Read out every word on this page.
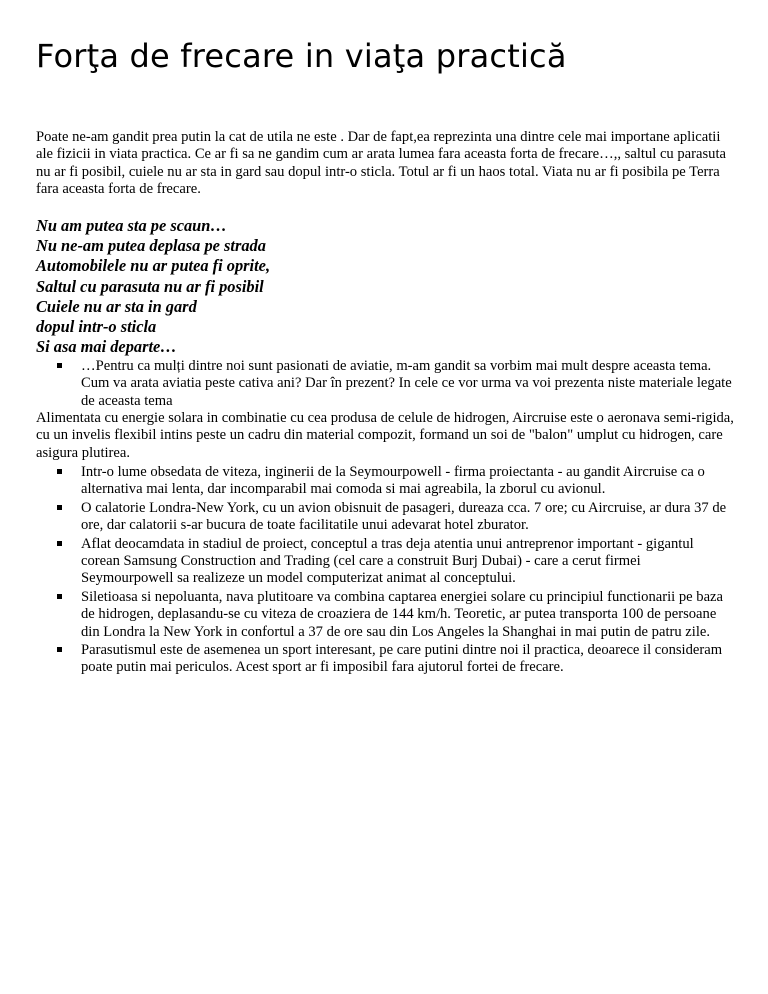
Forţa de frecare in viaţa practică

Poate ne-am gandit prea putin la cat de utila ne este . Dar de fapt,ea reprezinta una dintre cele mai importane aplicatii ale fizicii in viata practica. Ce ar fi sa ne gandim cum ar arata lumea fara aceasta forta de frecare…,, saltul cu parasuta nu ar fi posibil, cuiele nu ar sta in gard sau dopul intr-o sticla. Totul ar fi un haos total. Viata nu ar fi posibila pe Terra fara aceasta forta de frecare.

Nu am putea sta pe scaun…
Nu ne-am putea deplasa pe strada
Automobilele nu ar putea fi oprite,
Saltul cu parasuta nu ar fi posibil
Cuiele nu ar sta in gard
dopul intr-o sticla
Si asa mai departe…
…Pentru ca mulți dintre noi sunt pasionati de aviatie, m-am gandit sa vorbim mai mult despre aceasta tema. Cum va arata aviatia peste cativa ani? Dar în prezent? In cele ce vor urma va voi prezenta niste materiale legate de aceasta tema

Alimentata cu energie solara in combinatie cu cea produsa de celule de hidrogen, Aircruise este o aeronava semi-rigida, cu un invelis flexibil intins peste un cadru din material compozit, formand un soi de "balon" umplut cu hidrogen, care asigura plutirea.

Intr-o lume obsedata de viteza, inginerii de la Seymourpowell - firma proiectanta - au gandit Aircruise ca o alternativa mai lenta, dar incomparabil mai comoda si mai agreabila, la zborul cu avionul.
O calatorie Londra-New York, cu un avion obisnuit de pasageri, dureaza cca. 7 ore; cu Aircruise, ar dura 37 de ore, dar calatorii s-ar bucura de toate facilitatile unui adevarat hotel zburator.
Aflat deocamdata in stadiul de proiect, conceptul a tras deja atentia unui antreprenor important - gigantul corean Samsung Construction and Trading (cel care a construit Burj Dubai) - care a cerut firmei Seymourpowell sa realizeze un model computerizat animat al conceptului.
Siletioasa si nepoluanta, nava plutitoare va combina captarea energiei solare cu principiul functionarii pe baza de hidrogen, deplasandu-se cu viteza de croaziera de 144 km/h. Teoretic, ar putea transporta 100 de persoane din Londra la New York in confortul a 37 de ore sau din Los Angeles la Shanghai in mai putin de patru zile.
Parasutismul este de asemenea un sport interesant, pe care putini dintre noi il practica, deoarece il consideram poate putin mai periculos. Acest sport ar fi imposibil fara ajutorul fortei de frecare.
